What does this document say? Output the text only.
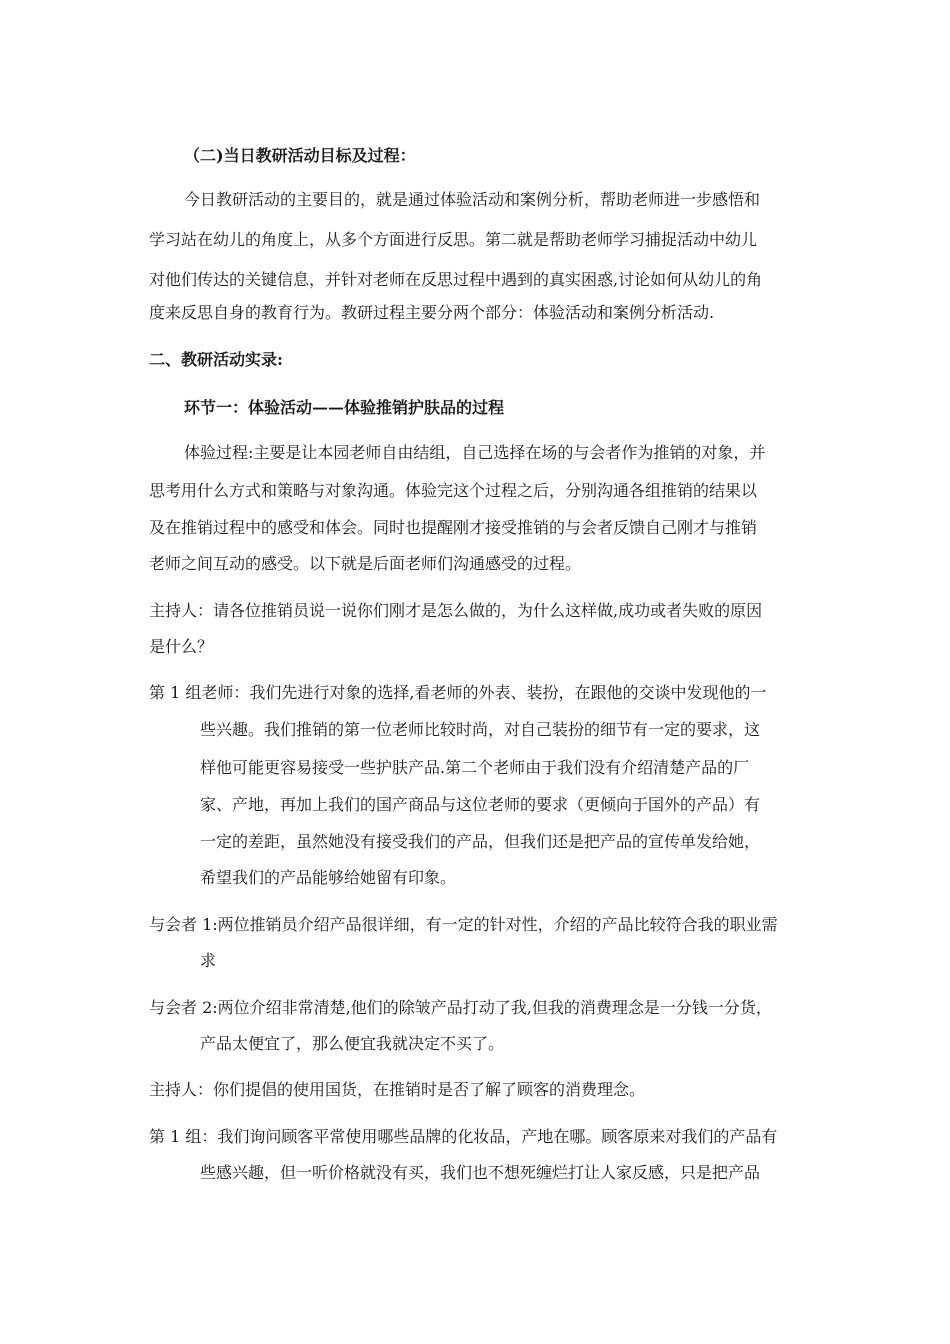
（二)当日教研活动目标及过程：
今日教研活动的主要目的，就是通过体验活动和案例分析，帮助老师进一步感悟和
学习站在幼儿的角度上，从多个方面进行反思。第二就是帮助老师学习捕捉活动中幼儿
对他们传达的关键信息，并针对老师在反思过程中遇到的真实困惑,讨论如何从幼儿的角
度来反思自身的教育行为。教研过程主要分两个部分：体验活动和案例分析活动.
二、教研活动实录:
环节一：体验活动——体验推销护肤品的过程
体验过程:主要是让本园老师自由结组，自己选择在场的与会者作为推销的对象，并
思考用什么方式和策略与对象沟通。体验完这个过程之后，分别沟通各组推销的结果以
及在推销过程中的感受和体会。同时也提醒刚才接受推销的与会者反馈自己刚才与推销
老师之间互动的感受。以下就是后面老师们沟通感受的过程。
主持人：请各位推销员说一说你们刚才是怎么做的，为什么这样做,成功或者失败的原因
是什么？
第 1 组老师：我们先进行对象的选择,看老师的外表、装扮，在跟他的交谈中发现他的一
些兴趣。我们推销的第一位老师比较时尚，对自己装扮的细节有一定的要求，这
样他可能更容易接受一些护肤产品.第二个老师由于我们没有介绍清楚产品的厂
家、产地，再加上我们的国产商品与这位老师的要求（更倾向于国外的产品）有
一定的差距，虽然她没有接受我们的产品，但我们还是把产品的宣传单发给她，
希望我们的产品能够给她留有印象。
与会者 1:两位推销员介绍产品很详细，有一定的针对性，介绍的产品比较符合我的职业需
求
与会者 2:两位介绍非常清楚,他们的除皱产品打动了我,但我的消费理念是一分钱一分货，
产品太便宜了，那么便宜我就决定不买了。
主持人：你们提倡的使用国货，在推销时是否了解了顾客的消费理念。
第 1 组：我们询问顾客平常使用哪些品牌的化妆品，产地在哪。顾客原来对我们的产品有
些感兴趣，但一听价格就没有买，我们也不想死缠烂打让人家反感，只是把产品
